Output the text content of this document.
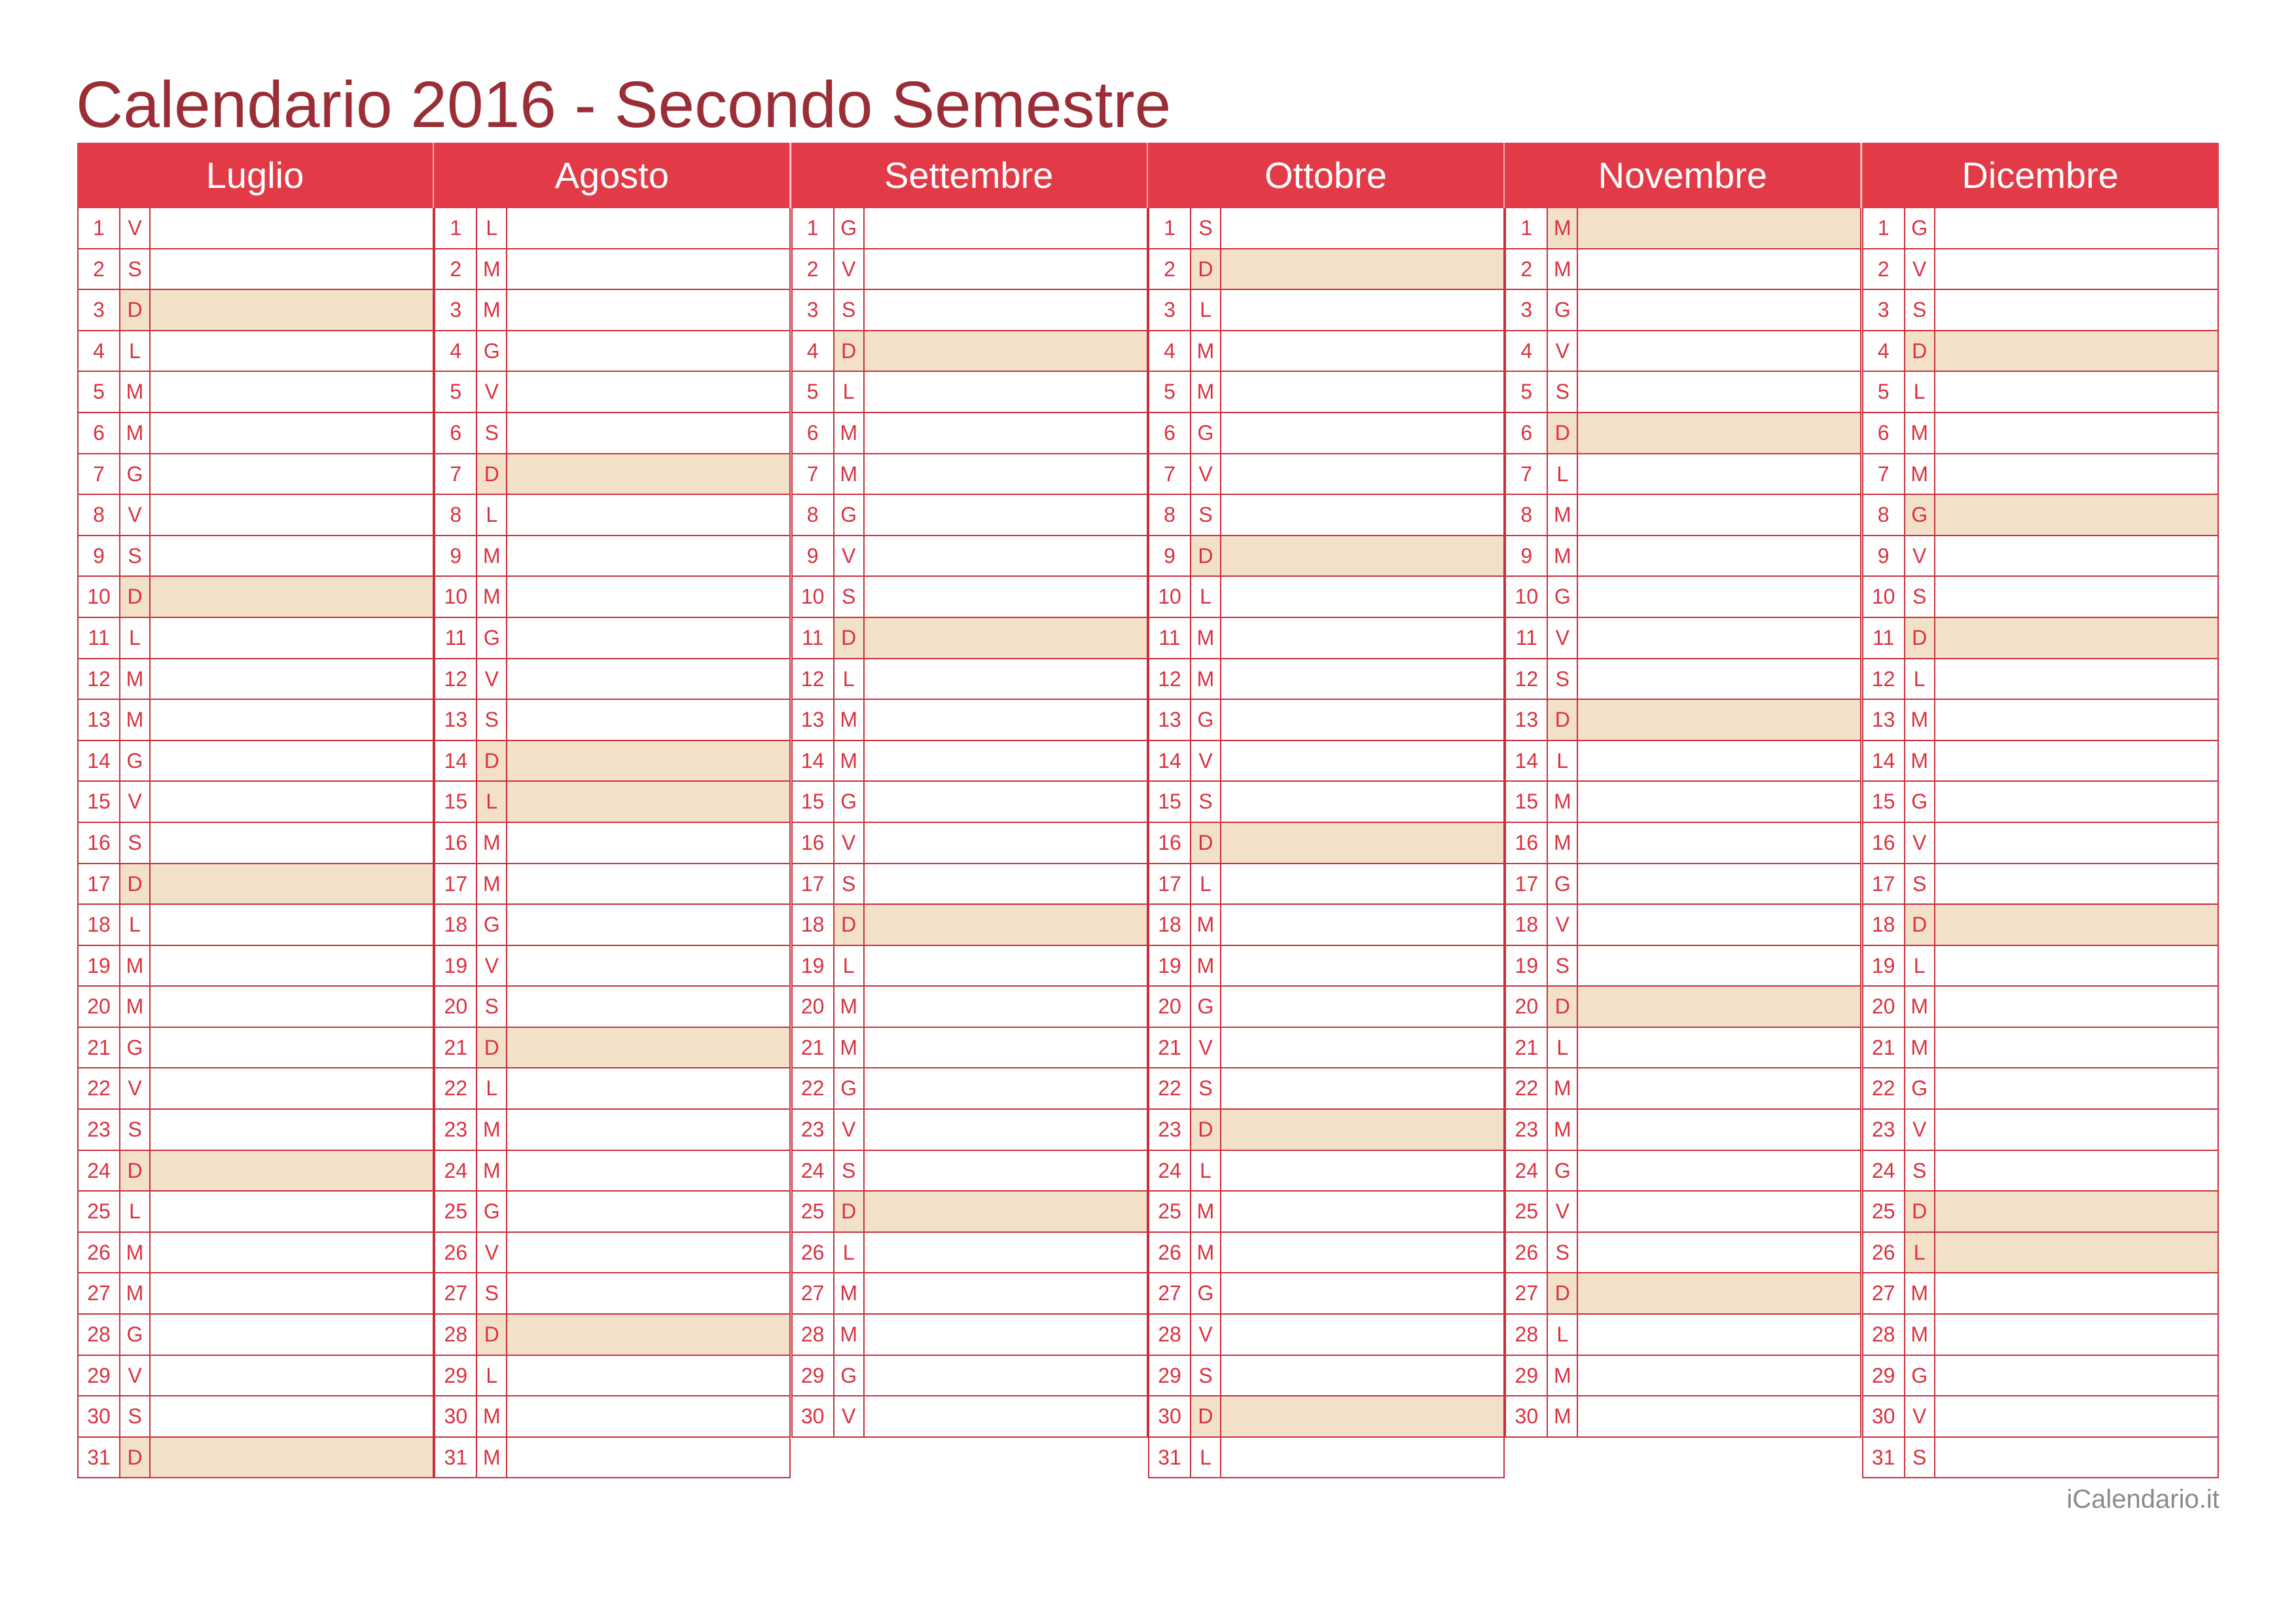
Calendario 2016 - Secondo Semestre
Luglio
1	V
2	S
3	D
4	L
5	M
6	M
7	G
8	V
9	S
10 D
11 L
12 M
13 M
14 G
15 V
16 S
17 D
18 L
19 M
20 M
21 G
22 V
23 S
24 D
25 L
26 M
27 M
28 G
29 V
30 S
31 D
Agosto
1	L
2	M
3	M
4	G
5	V
6	S
7	D
8	L
9	M
10 M
11 G
12 V
13 S
14 D
15 L
16 M
17 M
18 G
19 V
20 S
21 D
22 L
23 M
24 M
25 G
26 V
27 S
28 D
29 L
30 M
31 M
Settembre
1	G
2	V
3	S
4	D
5	L
6	M
7	M
8	G
9	V
10 S
11 D
12 L
13 M
14 M
15 G
16 V
17 S
18 D
19 L
20 M
21 M
22 G
23 V
24 S
25 D
26 L
27 M
28 M
29 G
30 V
Ottobre
1	S
2	D
3	L
4	M
5	M
6	G
7	V
8	S
9	D
10 L
11 M
12 M
13 G
14 V
15 S
16 D
17 L
18 M
19 M
20 G
21 V
22 S
23 D
24 L
25 M
26 M
27 G
28 V
29 S
30 D
31 L
Novembre
1	M
2	M
3	G
4	V
5	S
6	D
7	L
8	M
9	M
10 G
11 V
12 S
13 D
14 L
15 M
16 M
17 G
18 V
19 S
20 D
21 L
22 M
23 M
24 G
25 V
26 S
27 D
28 L
29 M
30 M
Dicembre
1	G
2	V
3	S
4	D
5	L
6	M
7	M
8	G
9	V
10 S
11 D
12 L
13 M
14 M
15 G
16 V
17 S
18 D
19 L
20 M
21 M
22 G
23 V
24 S
25 D
26 L
27 M
28 M
29 G
30 V
31 S
iCalendario.it
